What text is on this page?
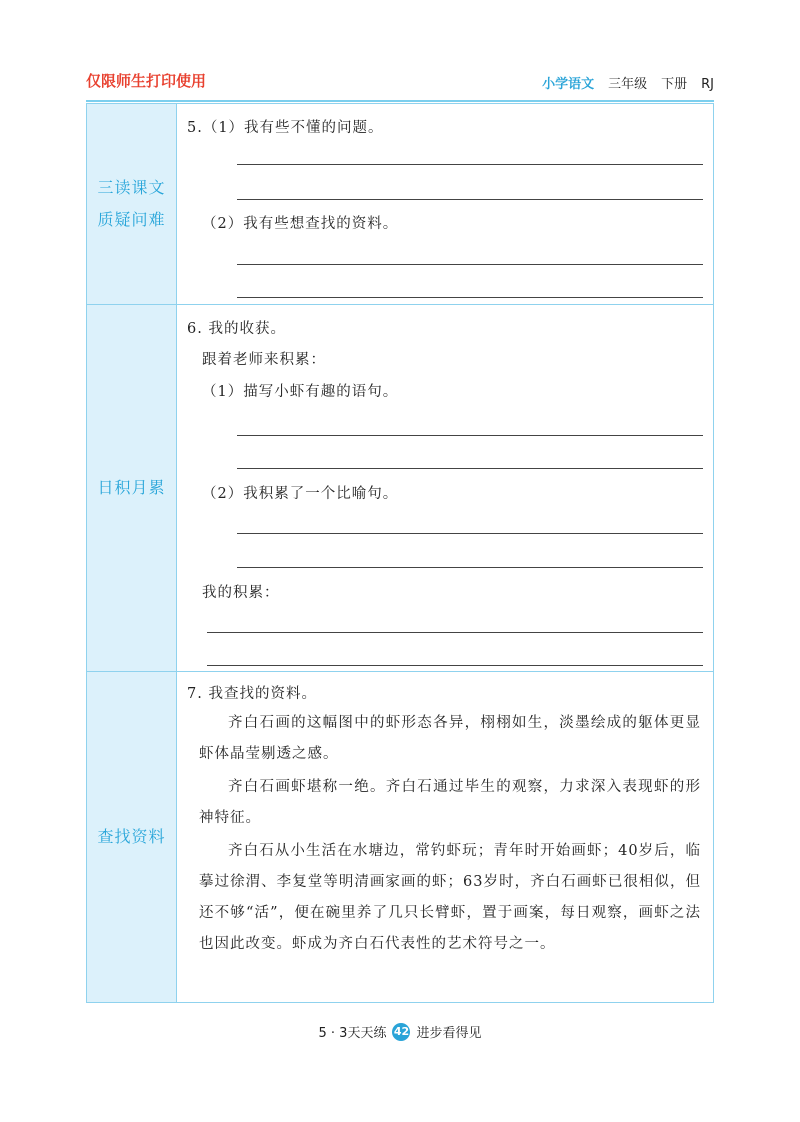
仅限师生打印使用	小学语文 三年级 下册 RJ
三读课文
质疑问难
5.（1）我有些不懂的问题。
（2）我有些想查找的资料。
日积月累
6. 我的收获。
跟着老师来积累：
（1）描写小虾有趣的语句。
（2）我积累了一个比喻句。
我的积累：
查找资料
7. 我查找的资料。
齐白石画的这幅图中的虾形态各异，栩栩如生，淡墨绘成的躯体更显虾体晶莹剔透之感。
齐白石画虾堪称一绝。齐白石通过毕生的观察，力求深入表现虾的形神特征。
齐白石从小生活在水塘边，常钓虾玩；青年时开始画虾；40岁后，临摹过徐渭、李复堂等明清画家画的虾；63岁时，齐白石画虾已很相似，但还不够“活”，便在碗里养了几只长臂虾，置于画案，每日观察，画虾之法也因此改变。虾成为齐白石代表性的艺术符号之一。
5 · 3天天练 42 进步看得见
